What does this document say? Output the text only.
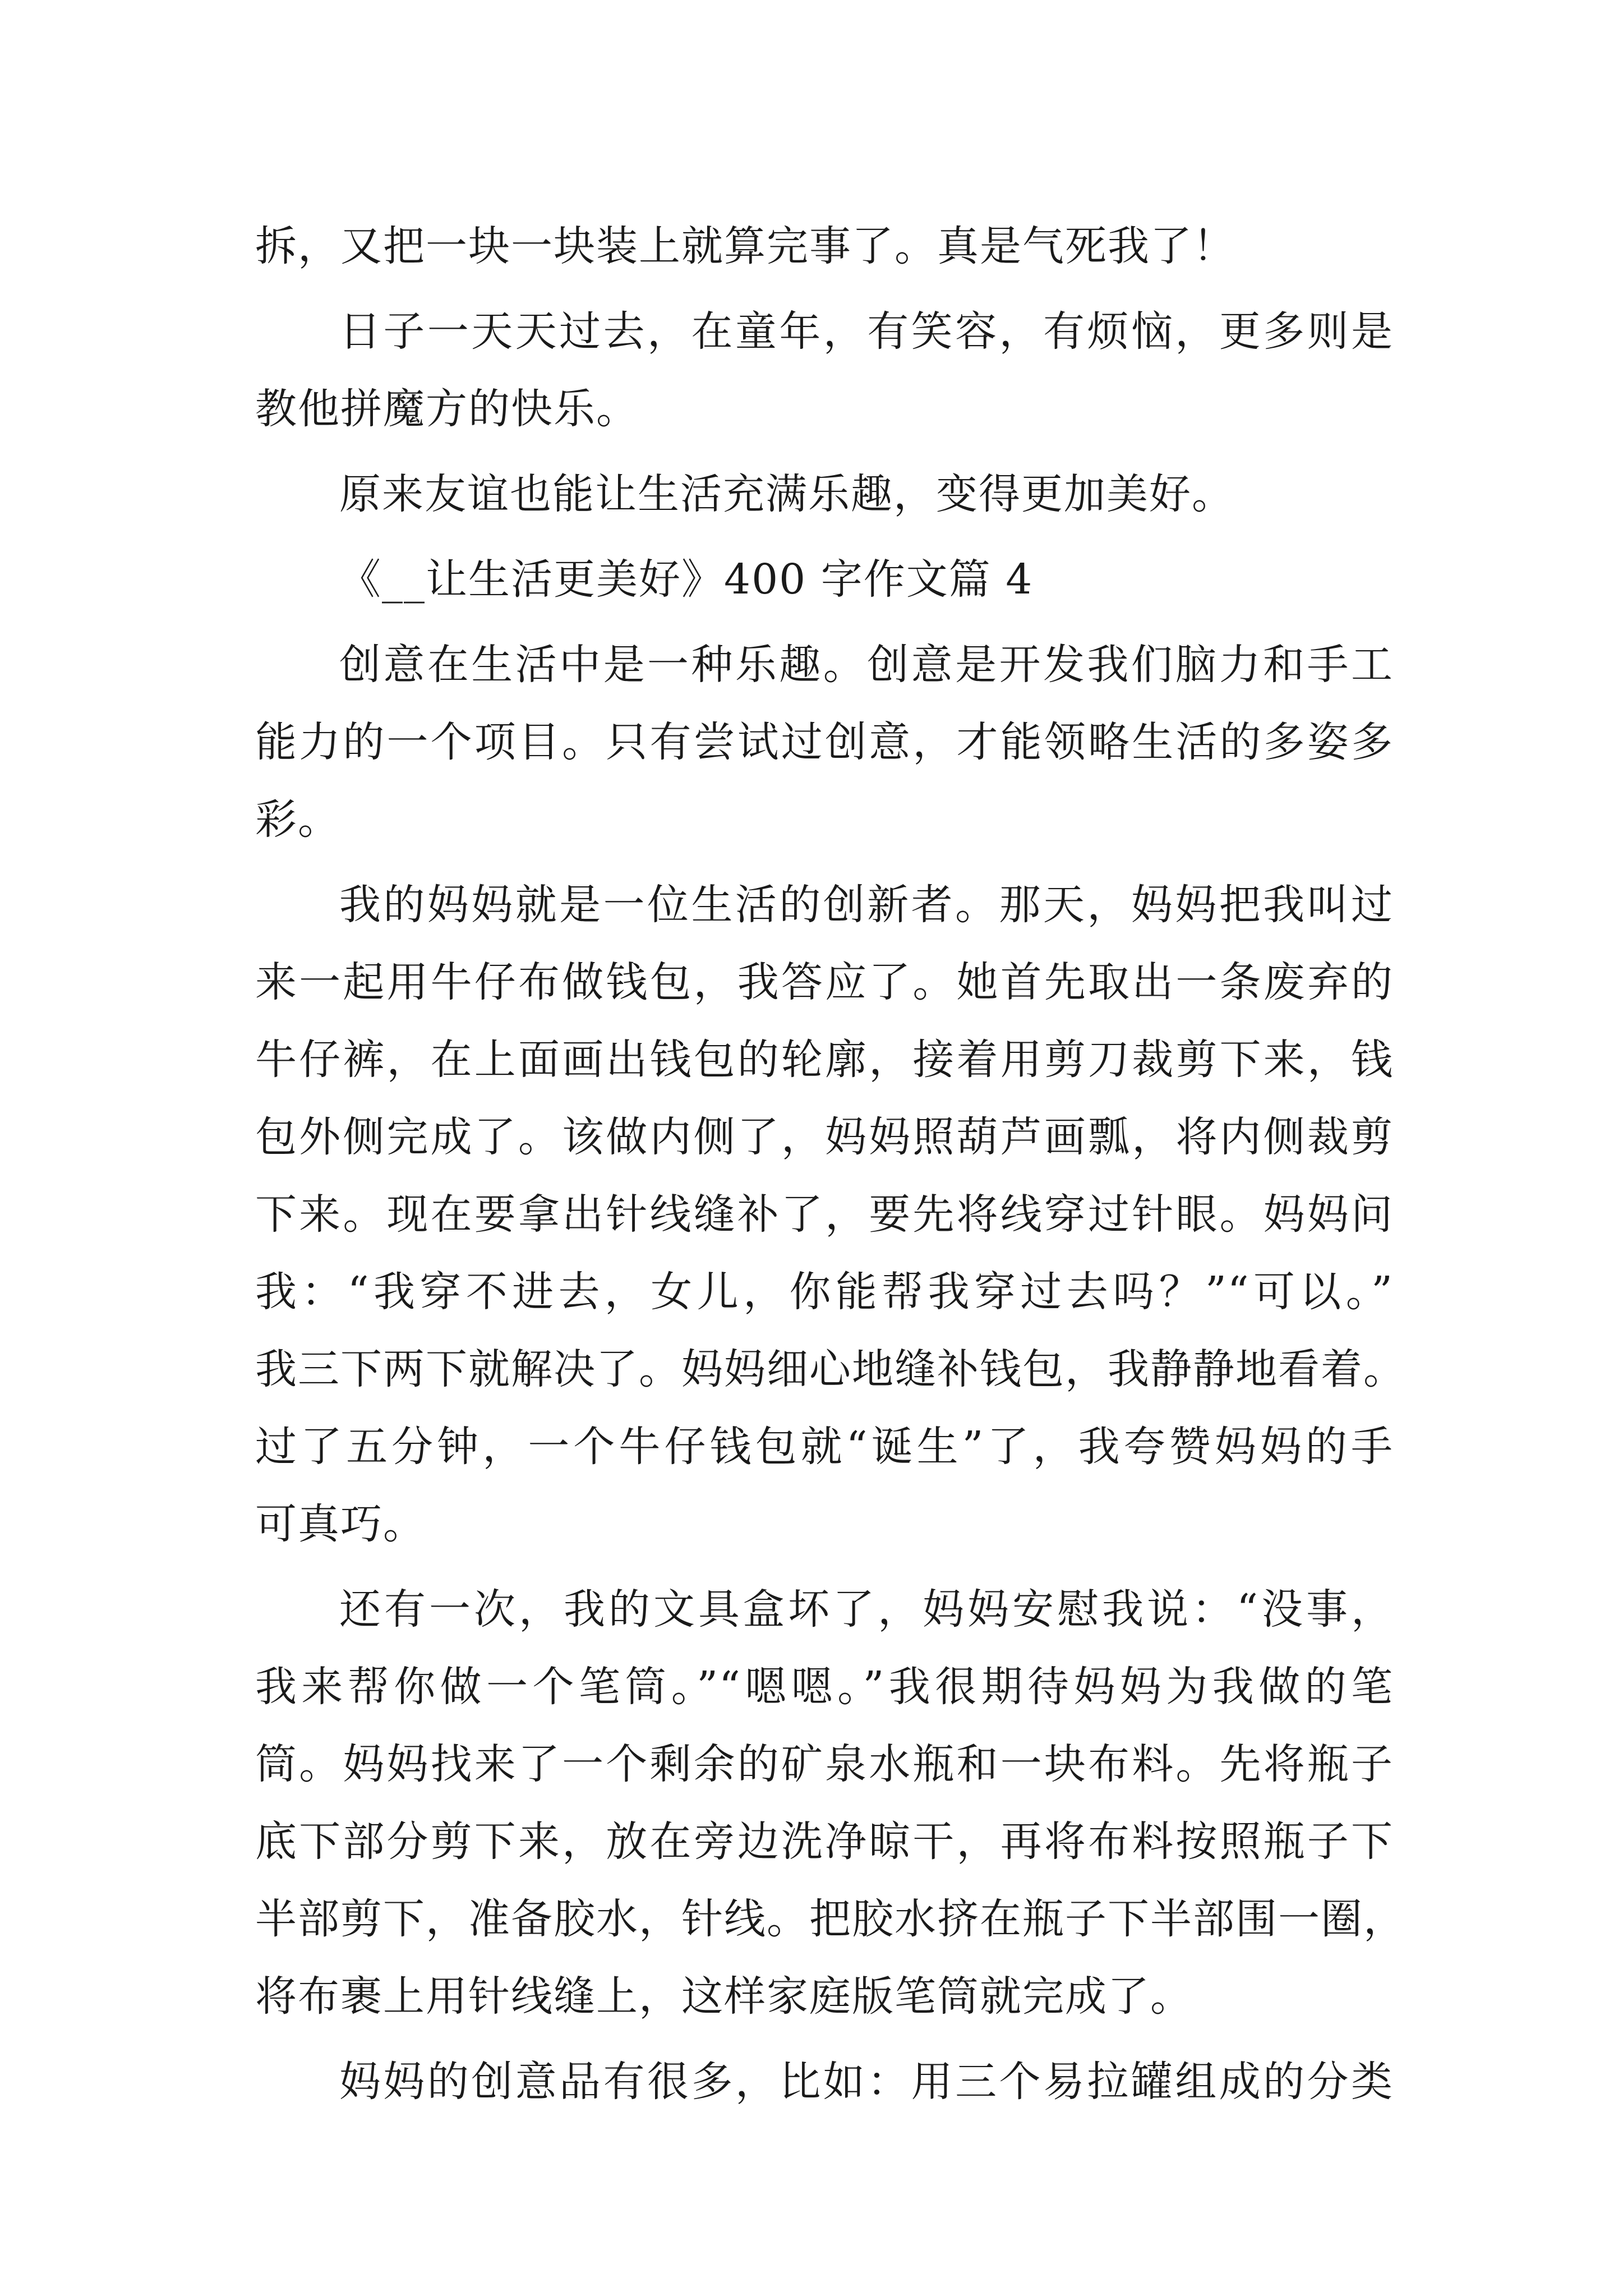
拆，又把一块一块装上就算完事了。真是气死我了！
日子一天天过去，在童年，有笑容，有烦恼，更多则是
教他拼魔方的快乐。
原来友谊也能让生活充满乐趣，变得更加美好。
《__让生活更美好》400 字作文篇 4
创意在生活中是一种乐趣。创意是开发我们脑力和手工
能力的一个项目。只有尝试过创意，才能领略生活的多姿多
彩。
我的妈妈就是一位生活的创新者。那天，妈妈把我叫过
来一起用牛仔布做钱包，我答应了。她首先取出一条废弃的
牛仔裤，在上面画出钱包的轮廓，接着用剪刀裁剪下来，钱
包外侧完成了。该做内侧了，妈妈照葫芦画瓢，将内侧裁剪
下来。现在要拿出针线缝补了，要先将线穿过针眼。妈妈问
我：“我穿不进去，女儿，你能帮我穿过去吗？”“可以。”
我三下两下就解决了。妈妈细心地缝补钱包，我静静地看着。
过了五分钟，一个牛仔钱包就“诞生”了，我夸赞妈妈的手
可真巧。
还有一次，我的文具盒坏了，妈妈安慰我说：“没事，
我来帮你做一个笔筒。”“嗯嗯。”我很期待妈妈为我做的笔
筒。妈妈找来了一个剩余的矿泉水瓶和一块布料。先将瓶子
底下部分剪下来，放在旁边洗净晾干，再将布料按照瓶子下
半部剪下，准备胶水，针线。把胶水挤在瓶子下半部围一圈，
将布裹上用针线缝上，这样家庭版笔筒就完成了。
妈妈的创意品有很多，比如：用三个易拉罐组成的分类
